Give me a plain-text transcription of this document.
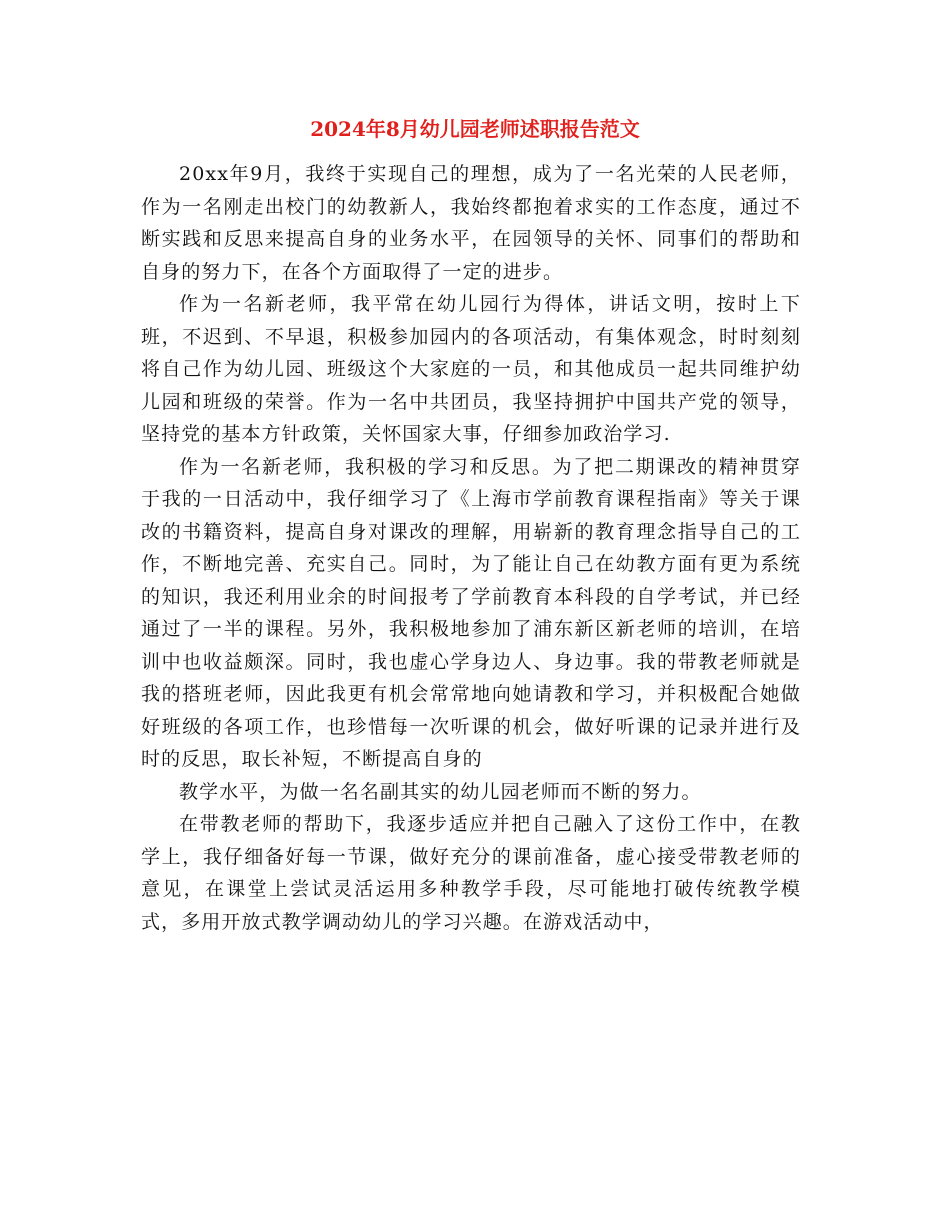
2024年8月幼儿园老师述职报告范文

20xx年9月，我终于实现自己的理想，成为了一名光荣的人民老师，作为一名刚走出校门的幼教新人，我始终都抱着求实的工作态度，通过不断实践和反思来提高自身的业务水平，在园领导的关怀、同事们的帮助和自身的努力下，在各个方面取得了一定的进步。

作为一名新老师，我平常在幼儿园行为得体，讲话文明，按时上下班，不迟到、不早退，积极参加园内的各项活动，有集体观念，时时刻刻将自己作为幼儿园、班级这个大家庭的一员，和其他成员一起共同维护幼儿园和班级的荣誉。作为一名中共团员，我坚持拥护中国共产党的领导，坚持党的基本方针政策，关怀国家大事，仔细参加政治学习.

作为一名新老师，我积极的学习和反思。为了把二期课改的精神贯穿于我的一日活动中，我仔细学习了《上海市学前教育课程指南》等关于课改的书籍资料，提高自身对课改的理解，用崭新的教育理念指导自己的工作，不断地完善、充实自己。同时，为了能让自己在幼教方面有更为系统的知识，我还利用业余的时间报考了学前教育本科段的自学考试，并已经通过了一半的课程。另外，我积极地参加了浦东新区新老师的培训，在培训中也收益颇深。同时，我也虚心学身边人、身边事。我的带教老师就是我的搭班老师，因此我更有机会常常地向她请教和学习，并积极配合她做好班级的各项工作，也珍惜每一次听课的机会，做好听课的记录并进行及时的反思，取长补短，不断提高自身的

教学水平，为做一名名副其实的幼儿园老师而不断的努力。

在带教老师的帮助下，我逐步适应并把自己融入了这份工作中，在教学上，我仔细备好每一节课，做好充分的课前准备，虚心接受带教老师的意见，在课堂上尝试灵活运用多种教学手段，尽可能地打破传统教学模式，多用开放式教学调动幼儿的学习兴趣。在游戏活动中，
